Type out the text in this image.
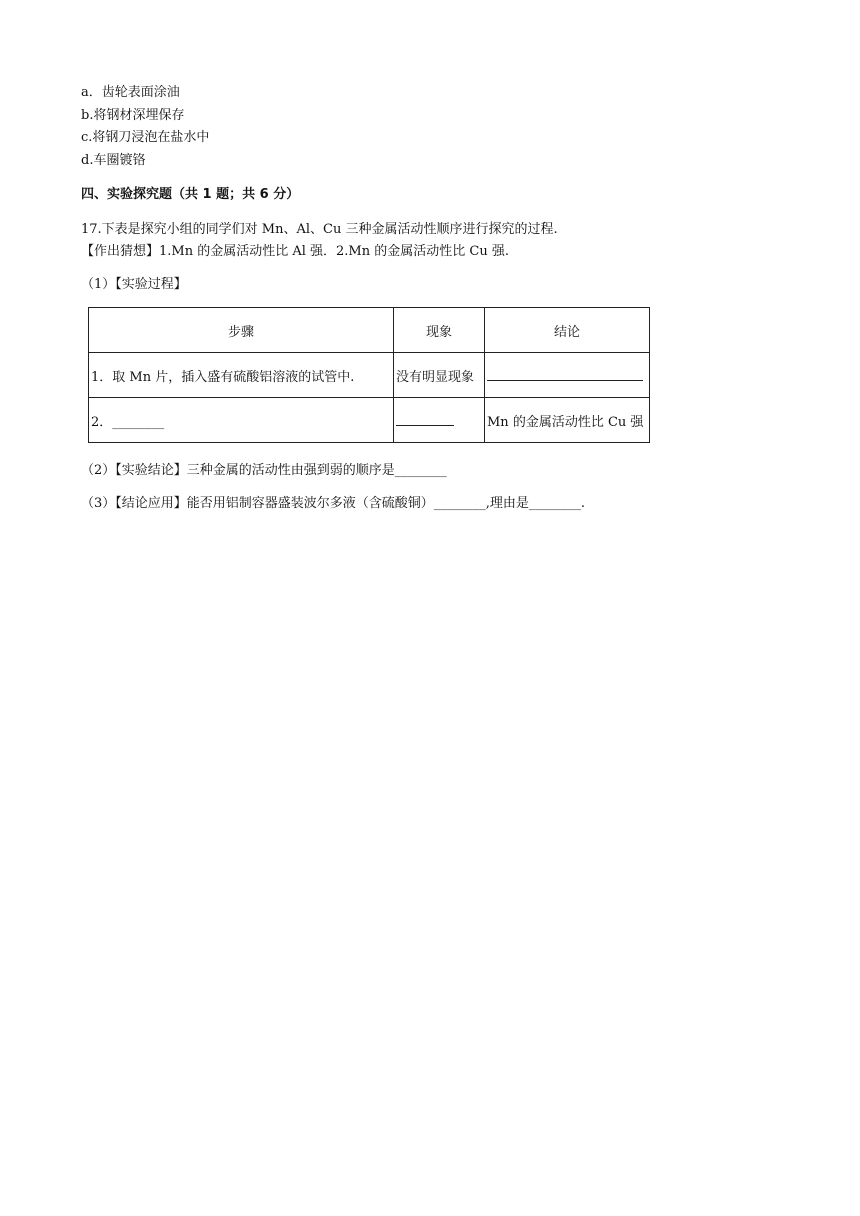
a．齿轮表面涂油
b.将钢材深埋保存
c.将钢刀浸泡在盐水中
d.车圈镀铬
四、实验探究题（共 1 题；共 6 分）
17.下表是探究小组的同学们对 Mn、Al、Cu 三种金属活动性顺序进行探究的过程.
【作出猜想】1.Mn 的金属活动性比 Al 强．2.Mn 的金属活动性比 Cu 强.
（1）【实验过程】
步骤	现象	结论
1．取 Mn 片，插入盛有硫酸铝溶液的试管中.	没有明显现象	
2．________		Mn 的金属活动性比 Cu 强
（2）【实验结论】三种金属的活动性由强到弱的顺序是________
（3）【结论应用】能否用铝制容器盛装波尔多液（含硫酸铜）________,理由是________.
